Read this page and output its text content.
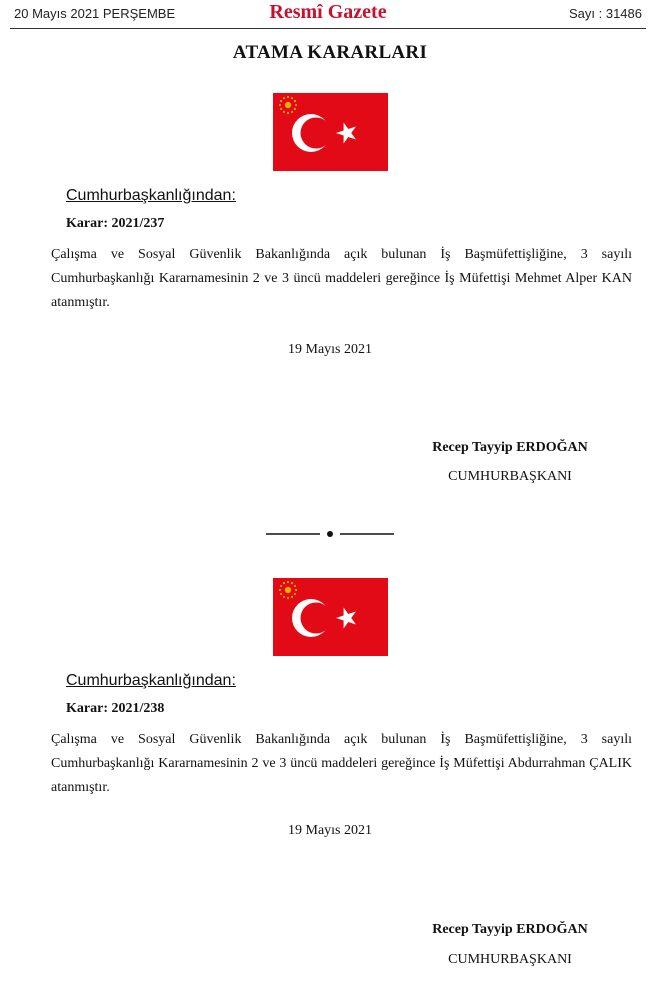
20 Mayıs 2021 PERŞEMBE	Resmî Gazete	Sayı : 31486
ATAMA KARARLARI
Cumhurbaşkanlığından:
Karar: 2021/237
Çalışma ve Sosyal Güvenlik Bakanlığında açık bulunan İş Başmüfettişliğine, 3 sayılı Cumhurbaşkanlığı Kararnamesinin 2 ve 3 üncü maddeleri gereğince İş Müfettişi Mehmet Alper KAN atanmıştır.
19 Mayıs 2021
Recep Tayyip ERDOĞAN
CUMHURBAŞKANI
Cumhurbaşkanlığından:
Karar: 2021/238
Çalışma ve Sosyal Güvenlik Bakanlığında açık bulunan İş Başmüfettişliğine, 3 sayılı Cumhurbaşkanlığı Kararnamesinin 2 ve 3 üncü maddeleri gereğince İş Müfettişi Abdurrahman ÇALIK atanmıştır.
19 Mayıs 2021
Recep Tayyip ERDOĞAN
CUMHURBAŞKANI
